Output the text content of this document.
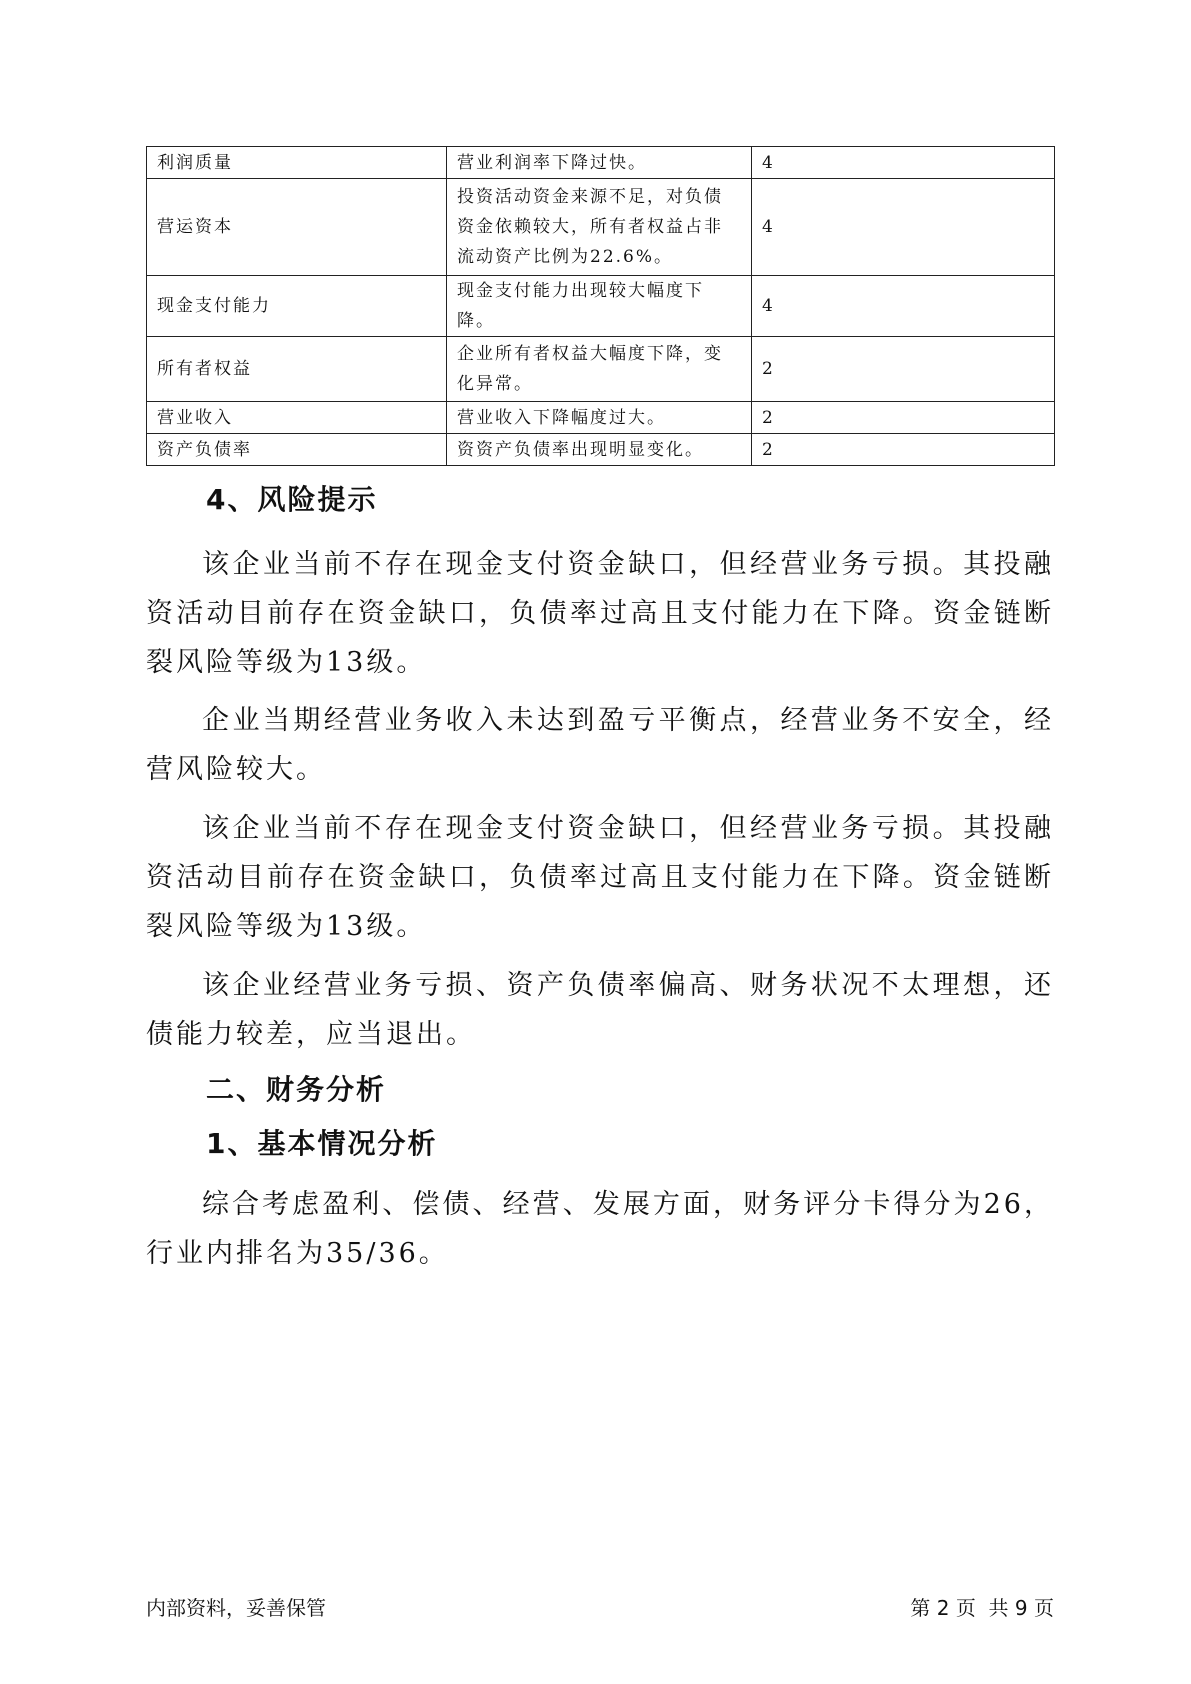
利润质量	营业利润率下降过快。	4
营运资本	投资活动资金来源不足，对负债资金依赖较大，所有者权益占非流动资产比例为22.6%。	4
现金支付能力	现金支付能力出现较大幅度下降。	4
所有者权益	企业所有者权益大幅度下降，变化异常。	2
营业收入	营业收入下降幅度过大。	2
资产负债率	资资产负债率出现明显变化。	2
4、风险提示

该企业当前不存在现金支付资金缺口，但经营业务亏损。其投融资活动目前存在资金缺口，负债率过高且支付能力在下降。资金链断裂风险等级为13级。

企业当期经营业务收入未达到盈亏平衡点，经营业务不安全，经营风险较大。

该企业当前不存在现金支付资金缺口，但经营业务亏损。其投融资活动目前存在资金缺口，负债率过高且支付能力在下降。资金链断裂风险等级为13级。

该企业经营业务亏损、资产负债率偏高、财务状况不太理想，还债能力较差，应当退出。

二、财务分析
1、基本情况分析

综合考虑盈利、偿债、经营、发展方面，财务评分卡得分为26，行业内排名为35/36。

内部资料，妥善保管	第 2 页  共 9 页
